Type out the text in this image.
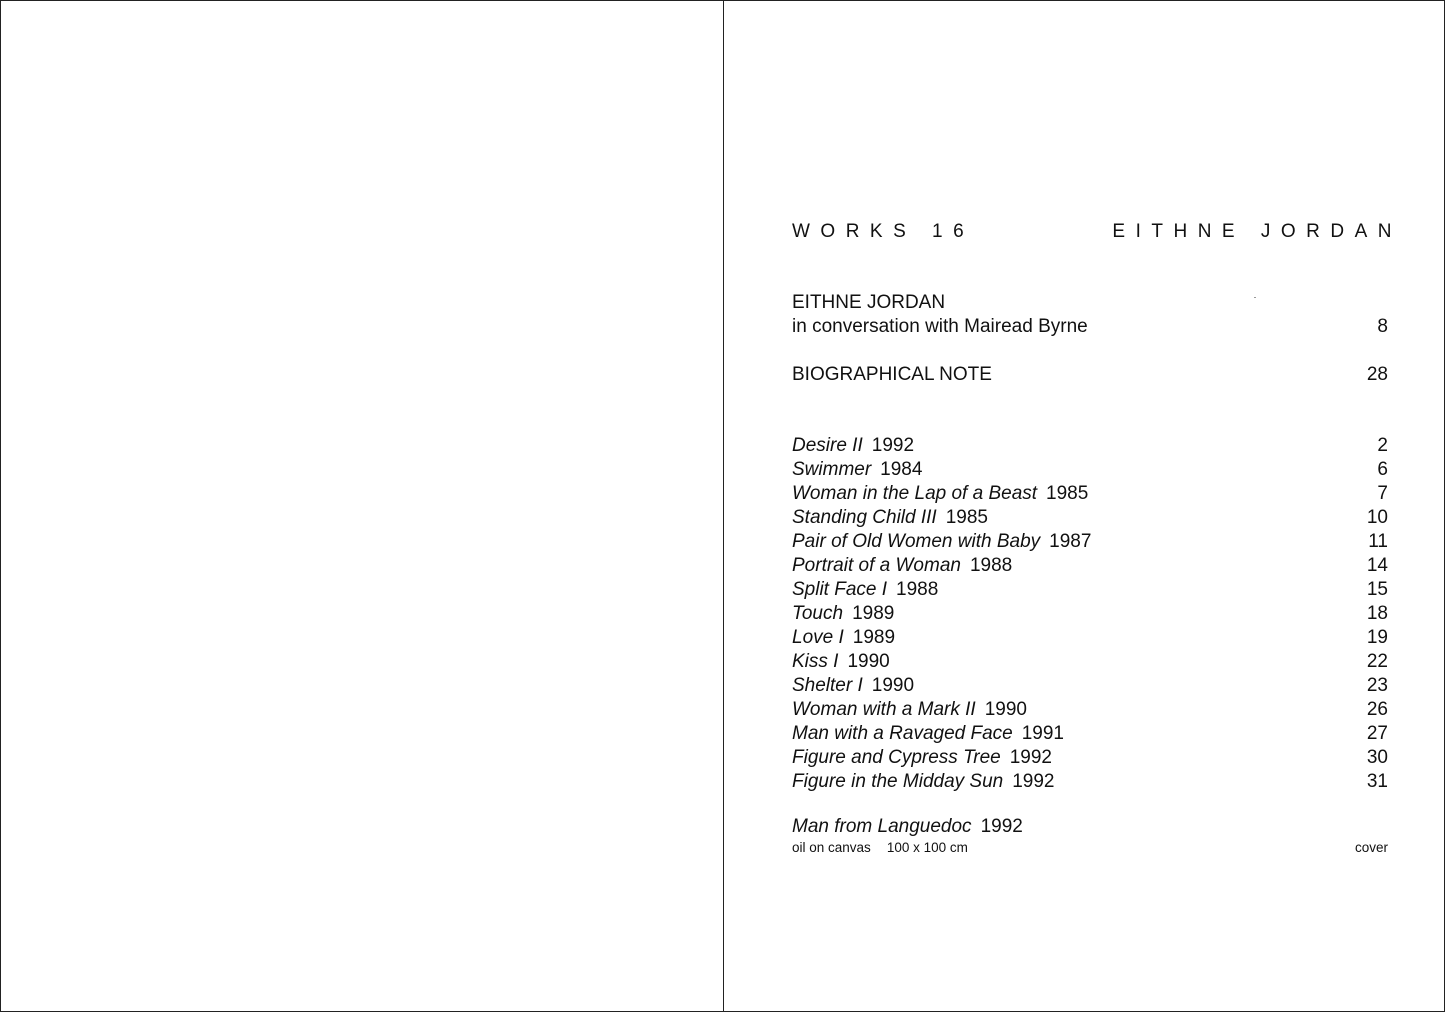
WORKS 16	EITHNE JORDAN
EITHNE JORDAN
in conversation with Mairead Byrne	8
BIOGRAPHICAL NOTE	28
Desire II 1992	2
Swimmer 1984	6
Woman in the Lap of a Beast 1985	7
Standing Child III 1985	10
Pair of Old Women with Baby 1987	11
Portrait of a Woman 1988	14
Split Face I 1988	15
Touch 1989	18
Love I 1989	19
Kiss I 1990	22
Shelter I 1990	23
Woman with a Mark II 1990	26
Man with a Ravaged Face 1991	27
Figure and Cypress Tree 1992	30
Figure in the Midday Sun 1992	31
Man from Languedoc 1992
oil on canvas 100 x 100 cm	cover
